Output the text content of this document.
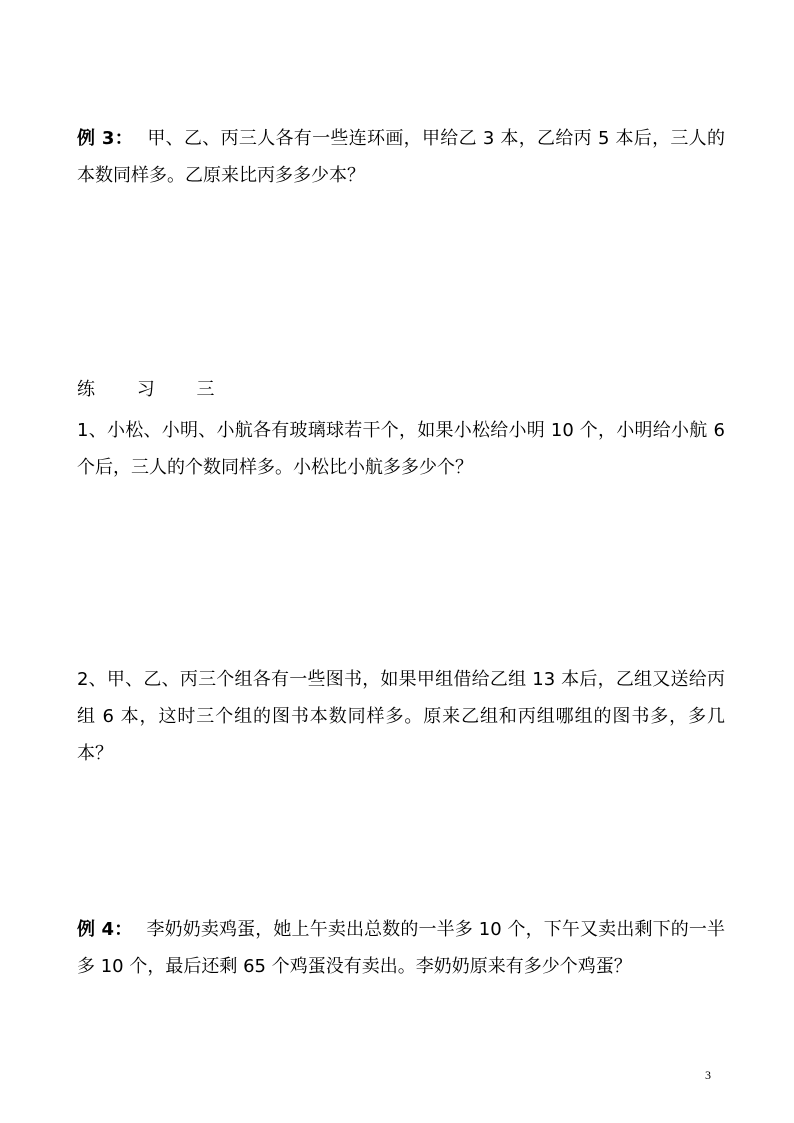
例 3： 甲、乙、丙三人各有一些连环画，甲给乙 3 本，乙给丙 5 本后，三人的本数同样多。乙原来比丙多多少本？

练 习 三

1、小松、小明、小航各有玻璃球若干个，如果小松给小明 10 个，小明给小航 6 个后，三人的个数同样多。小松比小航多多少个？

2、甲、乙、丙三个组各有一些图书，如果甲组借给乙组 13 本后，乙组又送给丙组 6 本，这时三个组的图书本数同样多。原来乙组和丙组哪组的图书多，多几本？

例 4： 李奶奶卖鸡蛋，她上午卖出总数的一半多 10 个，下午又卖出剩下的一半多 10 个，最后还剩 65 个鸡蛋没有卖出。李奶奶原来有多少个鸡蛋？

3
